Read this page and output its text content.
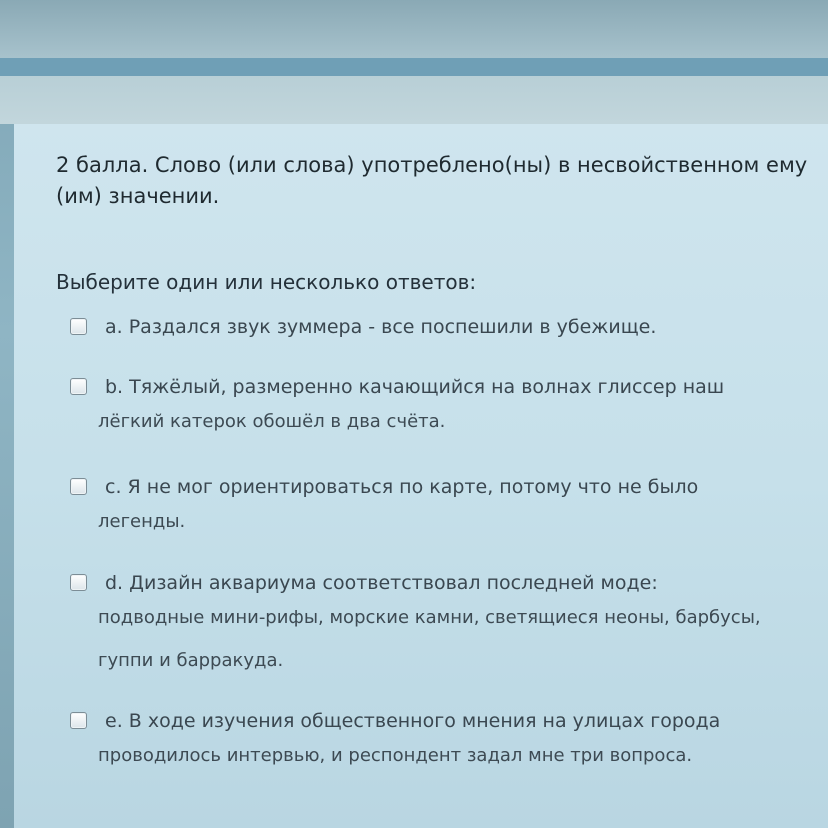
2 балла. Слово (или слова) употреблено(ны) в несвойственном ему (им) значении.

Выберите один или несколько ответов:
a. Раздался звук зуммера - все поспешили в убежище.
b. Тяжёлый, размеренно качающийся на волнах глиссер наш
лёгкий катерок обошёл в два счёта.
c. Я не мог ориентироваться по карте, потому что не было
легенды.
d. Дизайн аквариума соответствовал последней моде:
подводные мини-рифы, морские камни, светящиеся неоны, барбусы, гуппи и барракуда.
e. В ходе изучения общественного мнения на улицах города
проводилось интервью, и респондент задал мне три вопроса.
